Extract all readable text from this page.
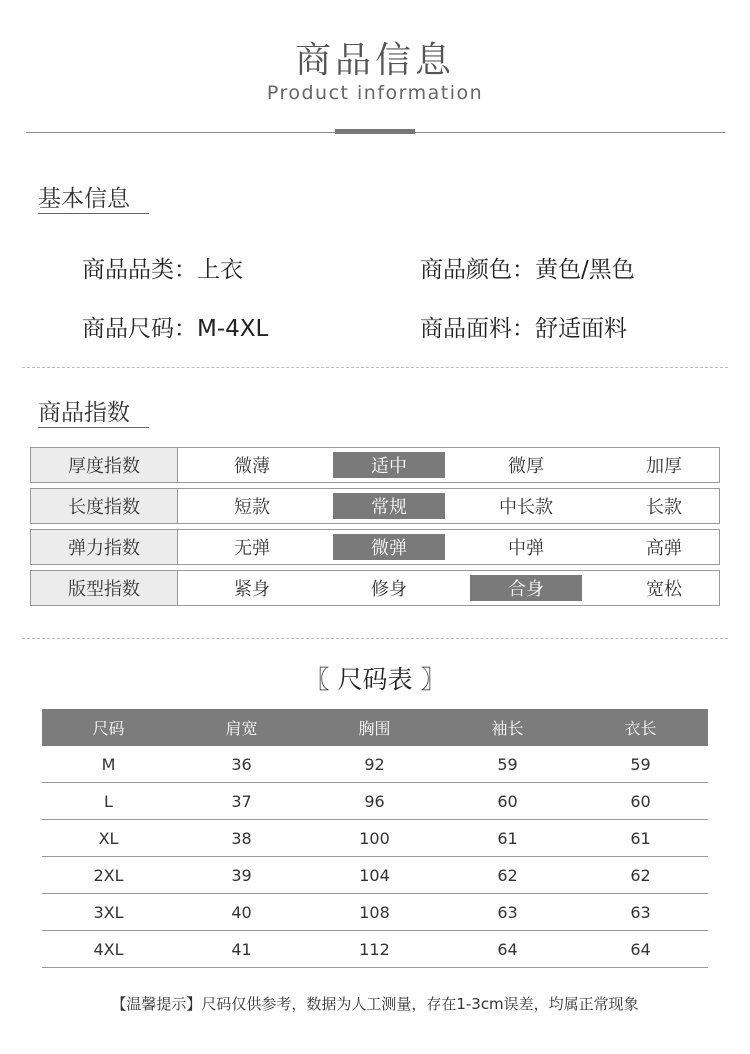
商品信息
Product information
基本信息
商品品类：上衣	商品颜色：黄色/黑色
商品尺码：M-4XL	商品面料：舒适面料
商品指数
厚度指数	微薄	适中	微厚	加厚
长度指数	短款	常规	中长款	长款
弹力指数	无弹	微弹	中弹	高弹
版型指数	紧身	修身	合身	宽松
〖 尺码表 〗
尺码	肩宽	胸围	袖长	衣长
M	36	92	59	59
L	37	96	60	60
XL	38	100	61	61
2XL	39	104	62	62
3XL	40	108	63	63
4XL	41	112	64	64
【温馨提示】尺码仅供参考，数据为人工测量，存在1-3cm误差，均属正常现象
